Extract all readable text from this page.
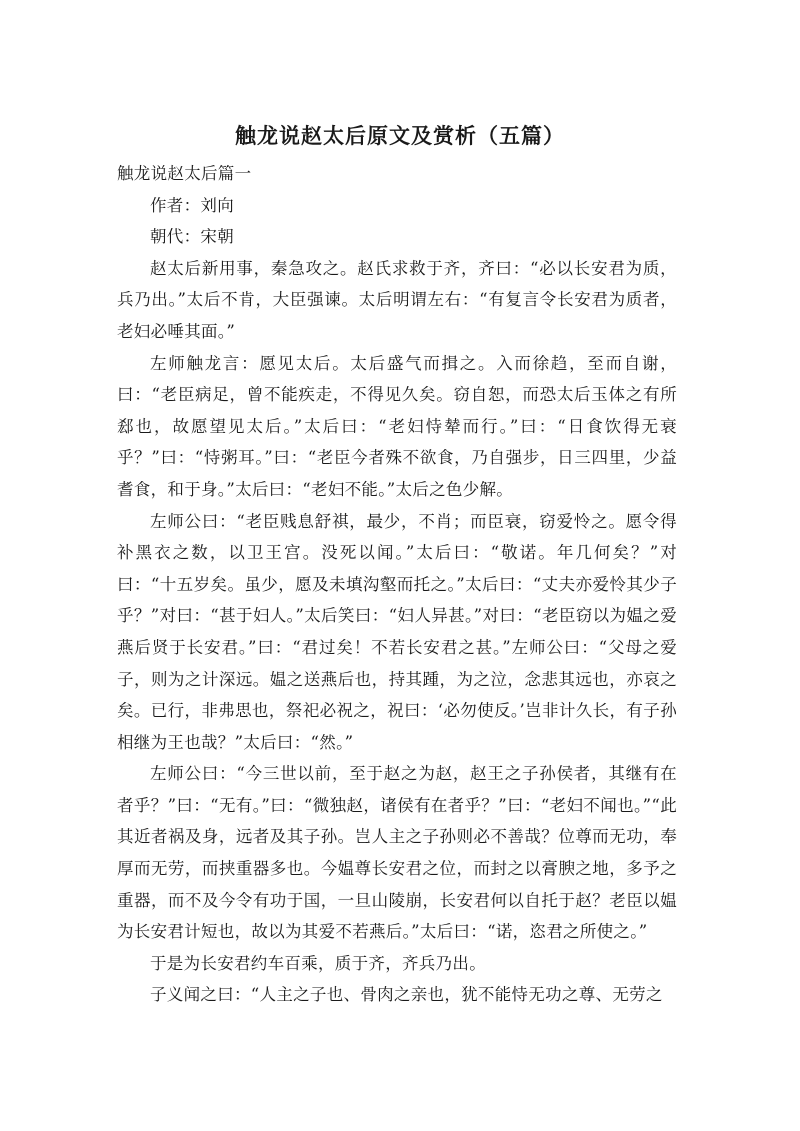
触龙说赵太后原文及赏析（五篇）

触龙说赵太后篇一

作者：刘向

朝代：宋朝

赵太后新用事，秦急攻之。赵氏求救于齐，齐曰：“必以长安君为质，兵乃出。”太后不肯，大臣强谏。太后明谓左右：“有复言令长安君为质者，老妇必唾其面。”

左师触龙言：愿见太后。太后盛气而揖之。入而徐趋，至而自谢，曰：“老臣病足，曾不能疾走，不得见久矣。窃自恕，而恐太后玉体之有所郄也，故愿望见太后。”太后曰：“老妇恃辇而行。”曰：“日食饮得无衰乎？”曰：“恃粥耳。”曰：“老臣今者殊不欲食，乃自强步，日三四里，少益耆食，和于身。”太后曰：“老妇不能。”太后之色少解。

左师公曰：“老臣贱息舒祺，最少，不肖；而臣衰，窃爱怜之。愿令得补黑衣之数，以卫王宫。没死以闻。”太后曰：“敬诺。年几何矣？”对曰：“十五岁矣。虽少，愿及未填沟壑而托之。”太后曰：“丈夫亦爱怜其少子乎？”对曰：“甚于妇人。”太后笑曰：“妇人异甚。”对曰：“老臣窃以为媪之爱燕后贤于长安君。”曰：“君过矣！不若长安君之甚。”左师公曰：“父母之爱子，则为之计深远。媪之送燕后也，持其踵，为之泣，念悲其远也，亦哀之矣。已行，非弗思也，祭祀必祝之，祝曰：‘必勿使反。’岂非计久长，有子孙相继为王也哉？”太后曰：“然。”

左师公曰：“今三世以前，至于赵之为赵，赵王之子孙侯者，其继有在者乎？”曰：“无有。”曰：“微独赵，诸侯有在者乎？”曰：“老妇不闻也。”“此其近者祸及身，远者及其子孙。岂人主之子孙则必不善哉？位尊而无功，奉厚而无劳，而挟重器多也。今媪尊长安君之位，而封之以膏腴之地，多予之重器，而不及今令有功于国，一旦山陵崩，长安君何以自托于赵？老臣以媪为长安君计短也，故以为其爱不若燕后。”太后曰：“诺，恣君之所使之。”

于是为长安君约车百乘，质于齐，齐兵乃出。

子义闻之曰：“人主之子也、骨肉之亲也，犹不能恃无功之尊、无劳之
